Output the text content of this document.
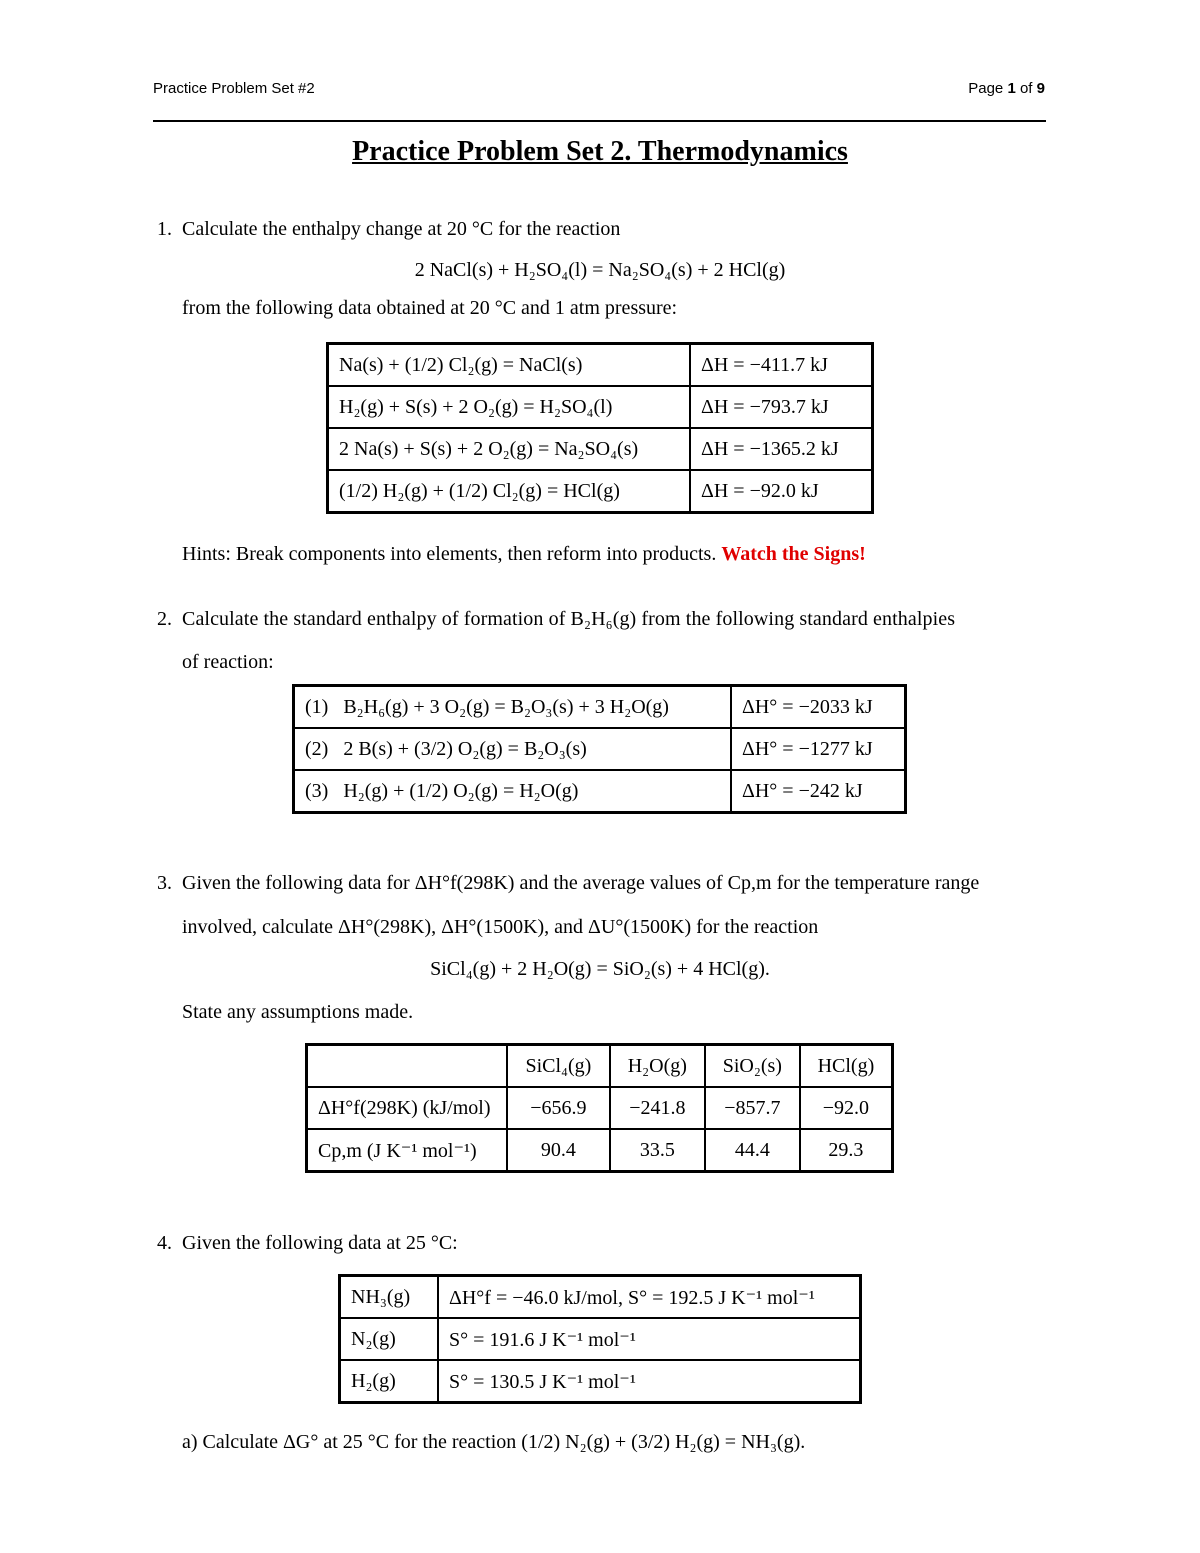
Practice Problem Set #2	Page 1 of 9
Practice Problem Set 2. Thermodynamics
1. Calculate the enthalpy change at 20 °C for the reaction
2 NaCl(s) + H₂SO₄(l) = Na₂SO₄(s) + 2 HCl(g)
from the following data obtained at 20 °C and 1 atm pressure:
Na(s) + (1/2) Cl₂(g) = NaCl(s)	ΔH = −411.7 kJ
H₂(g) + S(s) + 2 O₂(g) = H₂SO₄(l)	ΔH = −793.7 kJ
2 Na(s) + S(s) + 2 O₂(g) = Na₂SO₄(s)	ΔH = −1365.2 kJ
(1/2) H₂(g) + (1/2) Cl₂(g) = HCl(g)	ΔH = −92.0 kJ
Hints: Break components into elements, then reform into products. Watch the Signs!
2. Calculate the standard enthalpy of formation of B₂H₆(g) from the following standard enthalpies
of reaction:
(1) B₂H₆(g) + 3 O₂(g) = B₂O₃(s) + 3 H₂O(g)	ΔH° = −2033 kJ
(2) 2 B(s) + (3/2) O₂(g) = B₂O₃(s)	ΔH° = −1277 kJ
(3) H₂(g) + (1/2) O₂(g) = H₂O(g)	ΔH° = −242 kJ
3. Given the following data for ΔH°f(298K) and the average values of Cp,m for the temperature range
involved, calculate ΔH°(298K), ΔH°(1500K), and ΔU°(1500K) for the reaction
SiCl₄(g) + 2 H₂O(g) = SiO₂(s) + 4 HCl(g).
State any assumptions made.
	SiCl₄(g)	H₂O(g)	SiO₂(s)	HCl(g)
ΔH°f(298K) (kJ/mol)	−656.9	−241.8	−857.7	−92.0
Cp,m (J K⁻¹ mol⁻¹)	90.4	33.5	44.4	29.3
4. Given the following data at 25 °C:
NH₃(g)	ΔH°f = −46.0 kJ/mol, S° = 192.5 J K⁻¹ mol⁻¹
N₂(g)	S° = 191.6 J K⁻¹ mol⁻¹
H₂(g)	S° = 130.5 J K⁻¹ mol⁻¹
a) Calculate ΔG° at 25 °C for the reaction (1/2) N₂(g) + (3/2) H₂(g) = NH₃(g).
